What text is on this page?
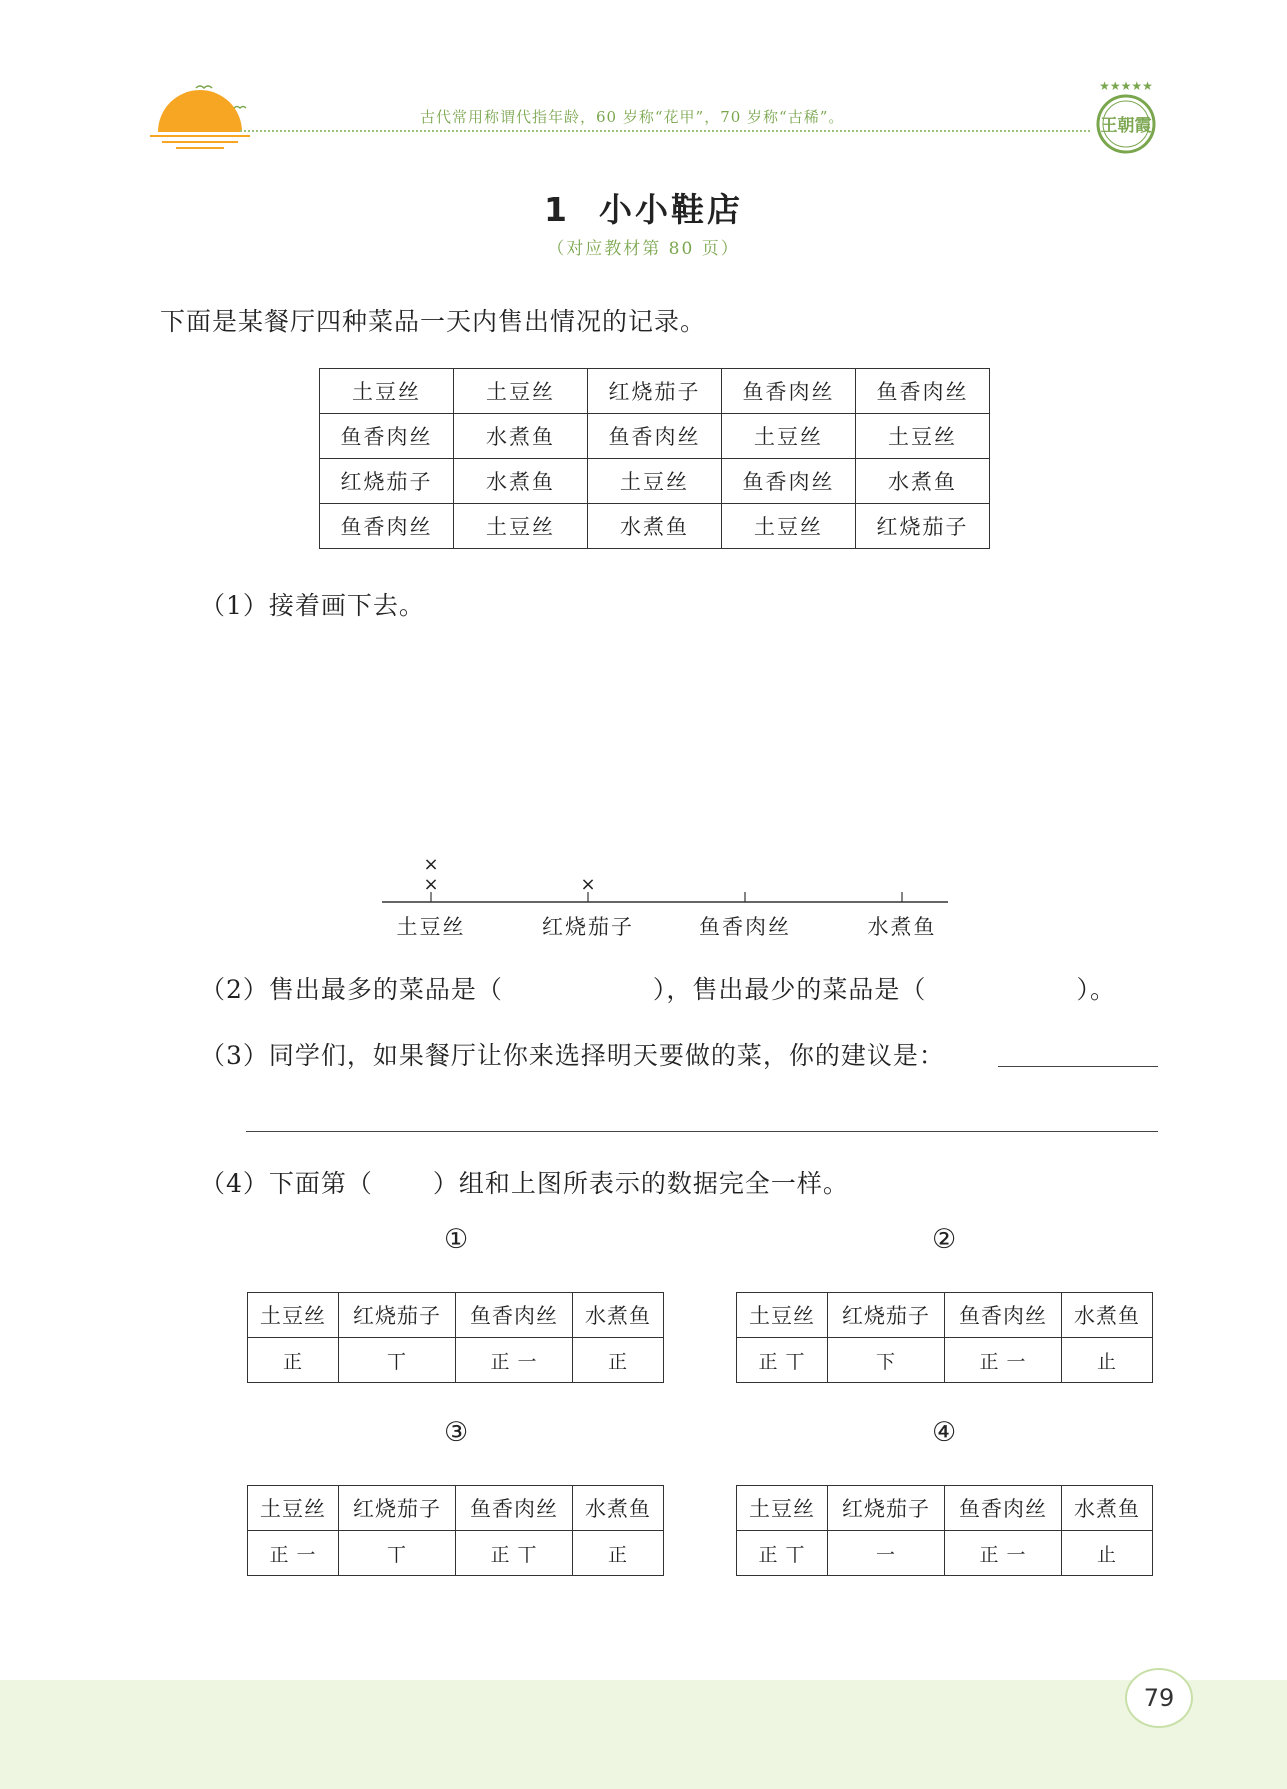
古代常用称谓代指年龄，60 岁称“花甲”，70 岁称“古稀”。
★★★★★
王朝霞
1  小小鞋店
（对应教材第 80 页）
下面是某餐厅四种菜品一天内售出情况的记录。
土豆丝	土豆丝	红烧茄子	鱼香肉丝	鱼香肉丝
鱼香肉丝	水煮鱼	鱼香肉丝	土豆丝	土豆丝
红烧茄子	水煮鱼	土豆丝	鱼香肉丝	水煮鱼
鱼香肉丝	土豆丝	水煮鱼	土豆丝	红烧茄子
（1）接着画下去。
土豆丝
×
×
红烧茄子
×
鱼香肉丝	水煮鱼
（2）售出最多的菜品是（	），售出最少的菜品是（	）。
（3）同学们，如果餐厅让你来选择明天要做的菜，你的建议是：
（4）下面第（ ）组和上图所表示的数据完全一样。
①	②
③	④
土豆丝	红烧茄子	鱼香肉丝	水煮鱼
正	丅	正 一	正
土豆丝	红烧茄子	鱼香肉丝	水煮鱼
正 丅	下	正 一	止
土豆丝	红烧茄子	鱼香肉丝	水煮鱼
正 一	丅	正 丅	正
土豆丝	红烧茄子	鱼香肉丝	水煮鱼
正 丅	一	正 一	止
79
